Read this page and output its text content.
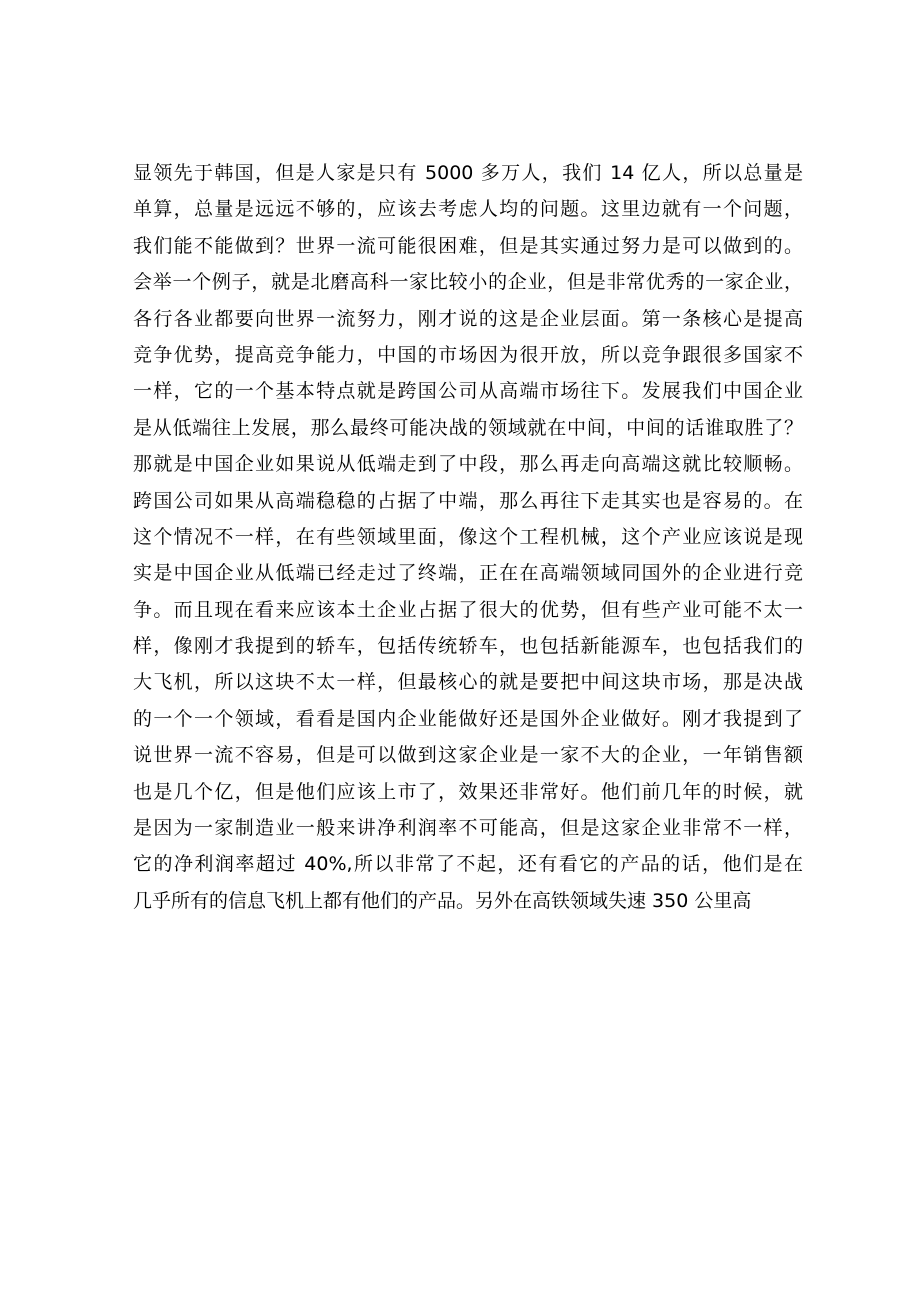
显领先于韩国，但是人家是只有 5000 多万人，我们 14 亿人，所以总量是
单算，总量是远远不够的，应该去考虑人均的问题。这里边就有一个问题，
我们能不能做到？世界一流可能很困难，但是其实通过努力是可以做到的。
会举一个例子，就是北磨高科一家比较小的企业，但是非常优秀的一家企业，
各行各业都要向世界一流努力，刚才说的这是企业层面。第一条核心是提高
竞争优势，提高竞争能力，中国的市场因为很开放，所以竞争跟很多国家不
一样，它的一个基本特点就是跨国公司从高端市场往下。发展我们中国企业
是从低端往上发展，那么最终可能决战的领域就在中间，中间的话谁取胜了？
那就是中国企业如果说从低端走到了中段，那么再走向高端这就比较顺畅。
跨国公司如果从高端稳稳的占据了中端，那么再往下走其实也是容易的。在
这个情况不一样，在有些领域里面，像这个工程机械，这个产业应该说是现
实是中国企业从低端已经走过了终端，正在在高端领域同国外的企业进行竞
争。而且现在看来应该本土企业占据了很大的优势，但有些产业可能不太一
样，像刚才我提到的轿车，包括传统轿车，也包括新能源车，也包括我们的
大飞机，所以这块不太一样，但最核心的就是要把中间这块市场，那是决战
的一个一个领域，看看是国内企业能做好还是国外企业做好。刚才我提到了
说世界一流不容易，但是可以做到这家企业是一家不大的企业，一年销售额
也是几个亿，但是他们应该上市了，效果还非常好。他们前几年的时候，就
是因为一家制造业一般来讲净利润率不可能高，但是这家企业非常不一样，
它的净利润率超过 40%,所以非常了不起，还有看它的产品的话，他们是在
几乎所有的信息飞机上都有他们的产品。另外在高铁领域失速 350 公里高
